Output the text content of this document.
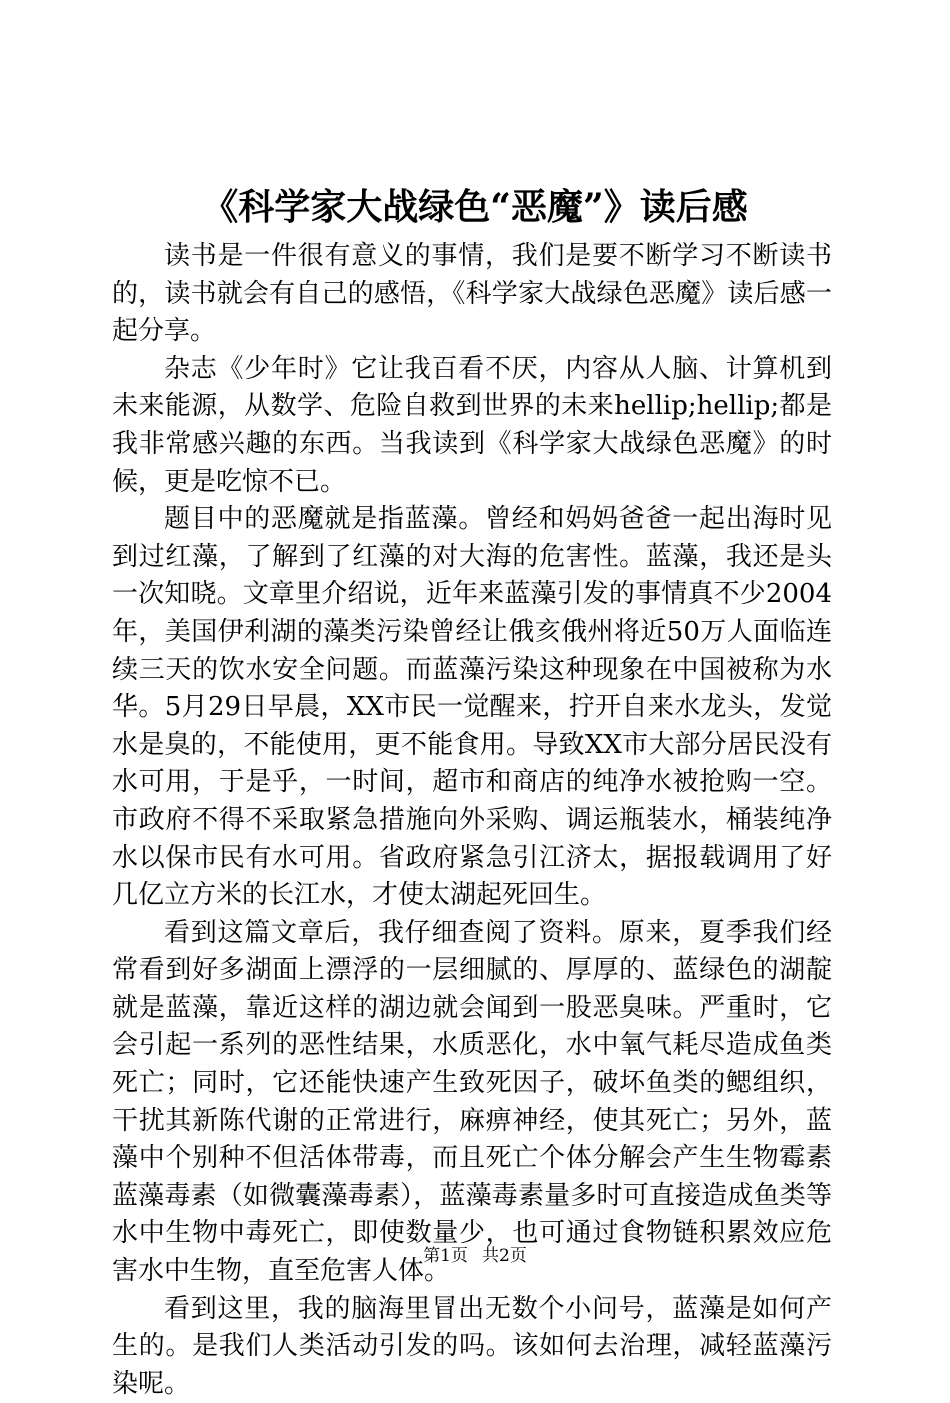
《科学家大战绿色“恶魔”》读后感

读书是一件很有意义的事情，我们是要不断学习不断读书的，读书就会有自己的感悟，《科学家大战绿色恶魔》读后感一起分享。

杂志《少年时》它让我百看不厌，内容从人脑、计算机到未来能源，从数学、危险自救到世界的未来hellip;hellip;都是我非常感兴趣的东西。当我读到《科学家大战绿色恶魔》的时候，更是吃惊不已。

题目中的恶魔就是指蓝藻。曾经和妈妈爸爸一起出海时见到过红藻，了解到了红藻的对大海的危害性。蓝藻，我还是头一次知晓。文章里介绍说，近年来蓝藻引发的事情真不少2004年，美国伊利湖的藻类污染曾经让俄亥俄州将近50万人面临连续三天的饮水安全问题。而蓝藻污染这种现象在中国被称为水华。5月29日早晨，XX市民一觉醒来，拧开自来水龙头，发觉水是臭的，不能使用，更不能食用。导致XX市大部分居民没有水可用，于是乎，一时间，超市和商店的纯净水被抢购一空。市政府不得不采取紧急措施向外采购、调运瓶装水，桶装纯净水以保市民有水可用。省政府紧急引江济太，据报载调用了好几亿立方米的长江水，才使太湖起死回生。

看到这篇文章后，我仔细查阅了资料。原来，夏季我们经常看到好多湖面上漂浮的一层细腻的、厚厚的、蓝绿色的湖靛就是蓝藻，靠近这样的湖边就会闻到一股恶臭味。严重时，它会引起一系列的恶性结果，水质恶化，水中氧气耗尽造成鱼类死亡；同时，它还能快速产生致死因子，破坏鱼类的鳃组织，干扰其新陈代谢的正常进行，麻痹神经，使其死亡；另外，蓝藻中个别种不但活体带毒，而且死亡个体分解会产生生物霉素蓝藻毒素（如微囊藻毒素），蓝藻毒素量多时可直接造成鱼类等水中生物中毒死亡，即使数量少，也可通过食物链积累效应危害水中生物，直至危害人体。

看到这里，我的脑海里冒出无数个小问号，蓝藻是如何产生的。是我们人类活动引发的吗。该如何去治理，减轻蓝藻污染呢。

第1页 共2页
